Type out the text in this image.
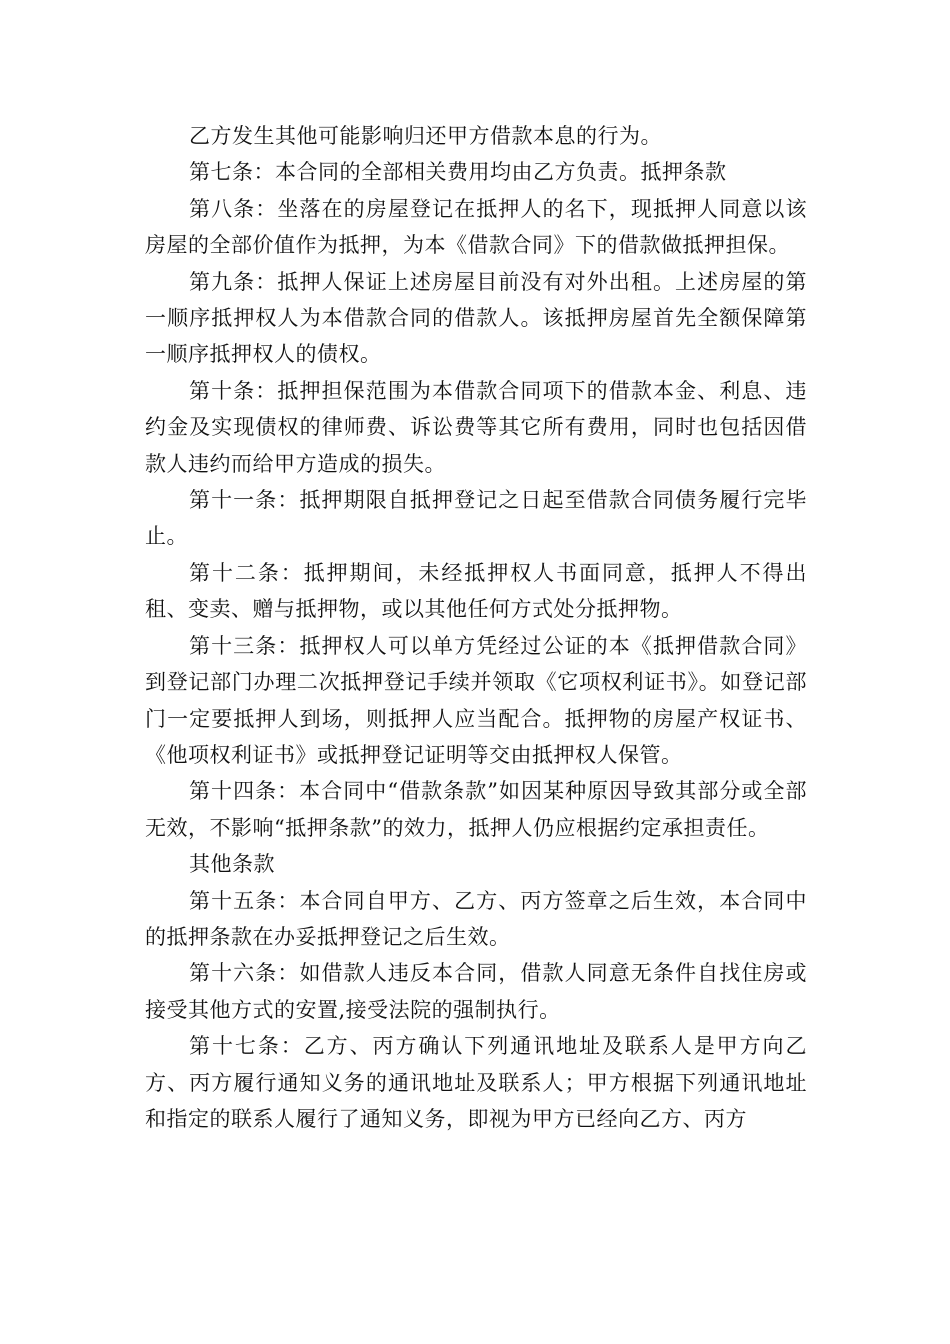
乙方发生其他可能影响归还甲方借款本息的行为。

第七条：本合同的全部相关费用均由乙方负责。抵押条款

第八条：坐落在的房屋登记在抵押人的名下，现抵押人同意以该房屋的全部价值作为抵押，为本《借款合同》下的借款做抵押担保。

第九条：抵押人保证上述房屋目前没有对外出租。上述房屋的第一顺序抵押权人为本借款合同的借款人。该抵押房屋首先全额保障第一顺序抵押权人的债权。

第十条：抵押担保范围为本借款合同项下的借款本金、利息、违约金及实现债权的律师费、诉讼费等其它所有费用，同时也包括因借款人违约而给甲方造成的损失。

第十一条：抵押期限自抵押登记之日起至借款合同债务履行完毕止。

第十二条：抵押期间，未经抵押权人书面同意，抵押人不得出租、变卖、赠与抵押物，或以其他任何方式处分抵押物。

第十三条：抵押权人可以单方凭经过公证的本《抵押借款合同》到登记部门办理二次抵押登记手续并领取《它项权利证书》。如登记部门一定要抵押人到场，则抵押人应当配合。抵押物的房屋产权证书、《他项权利证书》或抵押登记证明等交由抵押权人保管。

第十四条：本合同中“借款条款”如因某种原因导致其部分或全部无效，不影响“抵押条款”的效力，抵押人仍应根据约定承担责任。

其他条款

第十五条：本合同自甲方、乙方、丙方签章之后生效，本合同中的抵押条款在办妥抵押登记之后生效。

第十六条：如借款人违反本合同，借款人同意无条件自找住房或接受其他方式的安置,接受法院的强制执行。

第十七条：乙方、丙方确认下列通讯地址及联系人是甲方向乙方、丙方履行通知义务的通讯地址及联系人；甲方根据下列通讯地址和指定的联系人履行了通知义务，即视为甲方已经向乙方、丙方
